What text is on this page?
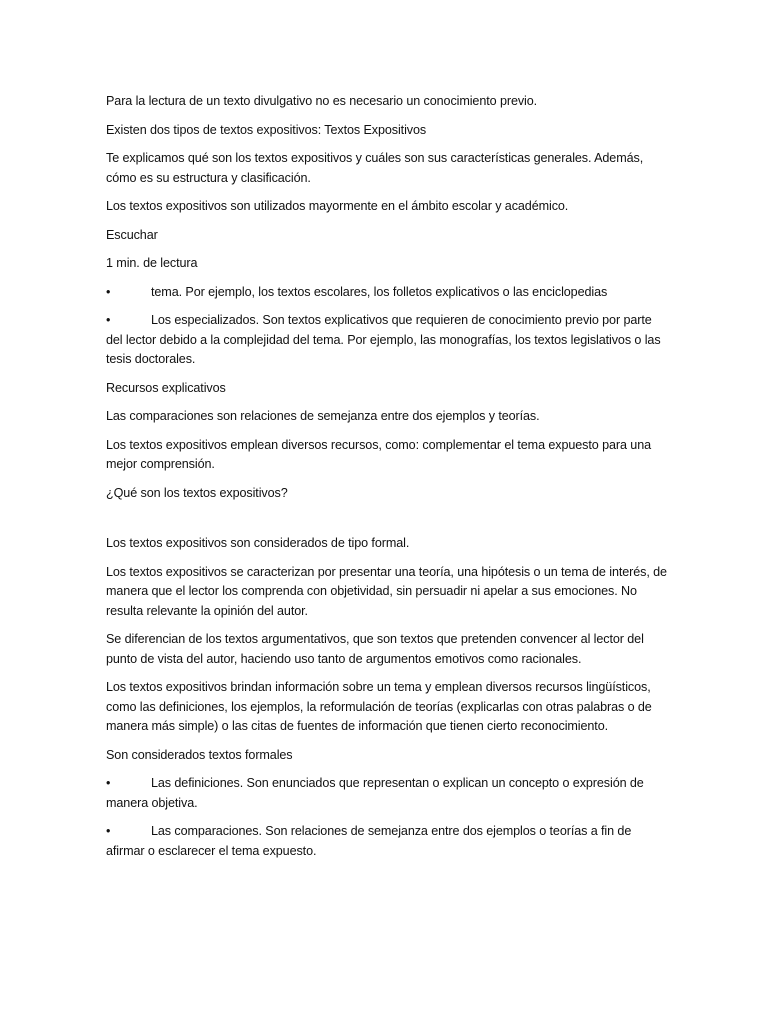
Para la lectura de un texto divulgativo no es necesario un conocimiento previo.

Existen dos tipos de textos expositivos: Textos Expositivos

Te explicamos qué son los textos expositivos y cuáles son sus características generales. Además, cómo es su estructura y clasificación.

Los textos expositivos son utilizados mayormente en el ámbito escolar y académico.

Escuchar

1 min. de lectura

•	tema. Por ejemplo, los textos escolares, los folletos explicativos o las enciclopedias

•	Los especializados. Son textos explicativos que requieren de conocimiento previo por parte del lector debido a la complejidad del tema. Por ejemplo, las monografías, los textos legislativos o las tesis doctorales.

Recursos explicativos

Las comparaciones son relaciones de semejanza entre dos ejemplos y teorías.

Los textos expositivos emplean diversos recursos, como: complementar el tema expuesto para una mejor comprensión.

¿Qué son los textos expositivos?

Los textos expositivos son considerados de tipo formal.

Los textos expositivos se caracterizan por presentar una teoría, una hipótesis o un tema de interés, de manera que el lector los comprenda con objetividad, sin persuadir ni apelar a sus emociones. No resulta relevante la opinión del autor.

Se diferencian de los textos argumentativos, que son textos que pretenden convencer al lector del punto de vista del autor, haciendo uso tanto de argumentos emotivos como racionales.

Los textos expositivos brindan información sobre un tema y emplean diversos recursos lingüísticos, como las definiciones, los ejemplos, la reformulación de teorías (explicarlas con otras palabras o de manera más simple) o las citas de fuentes de información que tienen cierto reconocimiento.

Son considerados textos formales

•	Las definiciones. Son enunciados que representan o explican un concepto o expresión de manera objetiva.

•	Las comparaciones. Son relaciones de semejanza entre dos ejemplos o teorías a fin de afirmar o esclarecer el tema expuesto.
